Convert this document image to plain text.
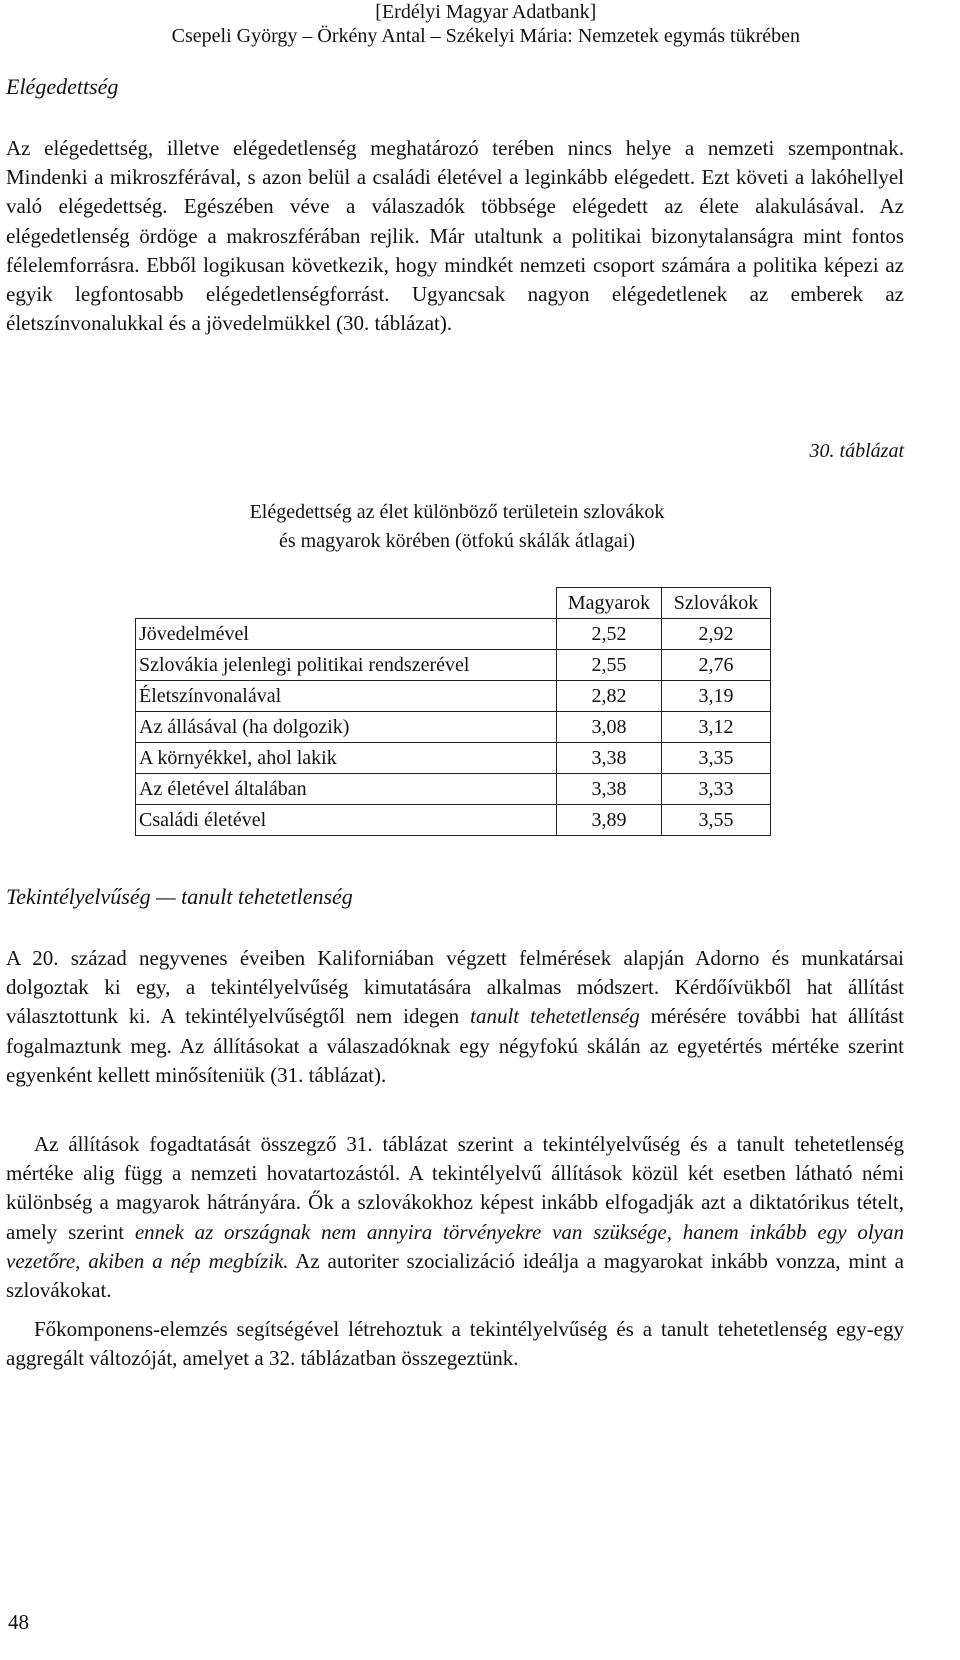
[Erdélyi Magyar Adatbank]
Csepeli György – Örkény Antal – Székelyi Mária: Nemzetek egymás tükrében
Elégedettség
Az elégedettség, illetve elégedetlenség meghatározó terében nincs helye a nemzeti szempontnak. Mindenki a mikroszférával, s azon belül a családi életével a leginkább elégedett. Ezt követi a lakóhellyel való elégedettség. Egészében véve a válaszadók többsége elégedett az élete alakulásával. Az elégedetlenség ördöge a makroszférában rejlik. Már utaltunk a politikai bizonytalanságra mint fontos félelemforrásra. Ebből logikusan következik, hogy mindkét nemzeti csoport számára a politika képezi az egyik legfontosabb elégedetlenségforrást. Ugyancsak nagyon elégedetlenek az emberek az életszínvonalukkal és a jövedelmükkel (30. táblázat).
30. táblázat
Elégedettség az élet különböző területein szlovákok
és magyarok körében (ötfokú skálák átlagai)
	Magyarok	Szlovákok
Jövedelmével	2,52	2,92
Szlovákia jelenlegi politikai rendszerével	2,55	2,76
Életszínvonalával	2,82	3,19
Az állásával (ha dolgozik)	3,08	3,12
A környékkel, ahol lakik	3,38	3,35
Az életével általában	3,38	3,33
Családi életével	3,89	3,55
Tekintélyelvűség — tanult tehetetlenség
A 20. század negyvenes éveiben Kaliforniában végzett felmérések alapján Adorno és munkatársai dolgoztak ki egy, a tekintélyelvűség kimutatására alkalmas módszert. Kérdőívükből hat állítást választottunk ki. A tekintélyelvűségtől nem idegen tanult tehetetlenség mérésére további hat állítást fogalmaztunk meg. Az állításokat a válaszadóknak egy négyfokú skálán az egyetértés mértéke szerint egyenként kellett minősíteniük (31. táblázat).
Az állítások fogadtatását összegző 31. táblázat szerint a tekintélyelvűség és a tanult tehetetlenség mértéke alig függ a nemzeti hovatartozástól. A tekintélyelvű állítások közül két esetben látható némi különbség a magyarok hátrányára. Ők a szlovákokhoz képest inkább elfogadják azt a diktatórikus tételt, amely szerint ennek az országnak nem annyira törvényekre van szüksége, hanem inkább egy olyan vezetőre, akiben a nép megbízik. Az autoriter szocializáció ideálja a magyarokat inkább vonzza, mint a szlovákokat.
Főkomponens-elemzés segítségével létrehoztuk a tekintélyelvűség és a tanult tehetetlenség egy-egy aggregált változóját, amelyet a 32. táblázatban összegeztünk.
48
